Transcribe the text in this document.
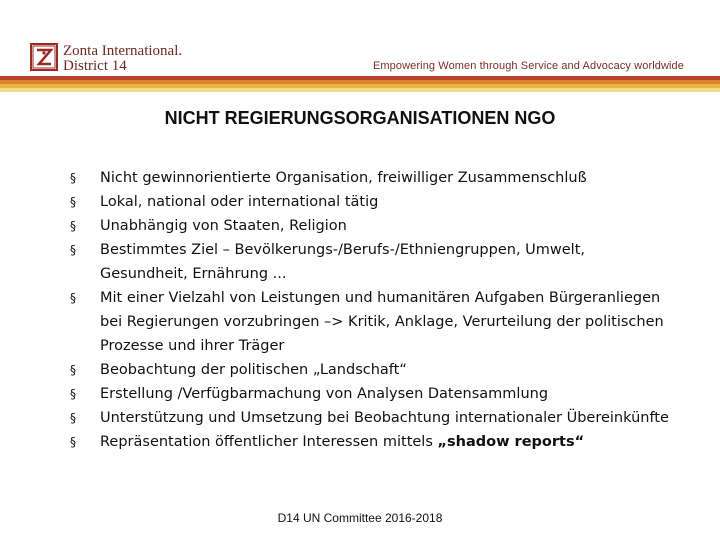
Zonta International.
District 14	Empowering Women through Service and Advocacy worldwide
NICHT REGIERUNGSORGANISATIONEN NGO
§ Nicht gewinnorientierte Organisation, freiwilliger Zusammenschluß
§ Lokal, national oder international tätig
§ Unabhängig von Staaten, Religion
§ Bestimmtes Ziel – Bevölkerungs-/Berufs-/Ethniengruppen, Umwelt, Gesundheit, Ernährung ...
§ Mit einer Vielzahl von Leistungen und humanitären Aufgaben Bürgeranliegen bei Regierungen vorzubringen –> Kritik, Anklage, Verurteilung der politischen Prozesse und ihrer Träger
§ Beobachtung der politischen „Landschaft“
§ Erstellung /Verfügbarmachung von Analysen Datensammlung
§ Unterstützung und Umsetzung bei Beobachtung internationaler Übereinkünfte
§ Repräsentation öffentlicher Interessen mittels „shadow reports“
D14 UN Committee 2016-2018
